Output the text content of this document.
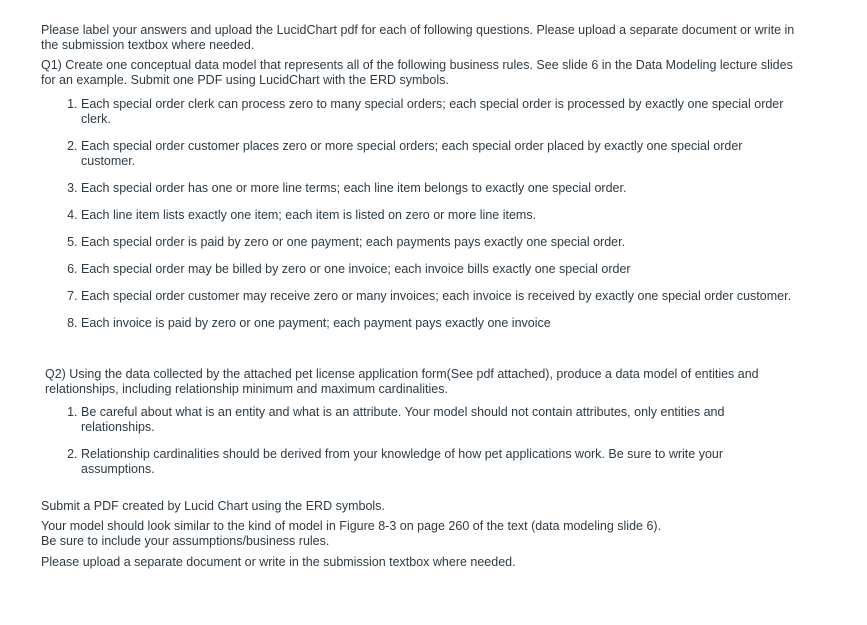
Please label your answers and upload the LucidChart pdf for each of following questions. Please upload a separate document or write in the submission textbox where needed.

Q1) Create one conceptual data model that represents all of the following business rules. See slide 6 in the Data Modeling lecture slides for an example. Submit one PDF using LucidChart with the ERD symbols.

1. Each special order clerk can process zero to many special orders; each special order is processed by exactly one special order clerk.
2. Each special order customer places zero or more special orders; each special order placed by exactly one special order customer.
3. Each special order has one or more line terms; each line item belongs to exactly one special order.
4. Each line item lists exactly one item; each item is listed on zero or more line items.
5. Each special order is paid by zero or one payment; each payments pays exactly one special order.
6. Each special order may be billed by zero or one invoice; each invoice bills exactly one special order
7. Each special order customer may receive zero or many invoices; each invoice is received by exactly one special order customer.
8. Each invoice is paid by zero or one payment; each payment pays exactly one invoice

Q2) Using the data collected by the attached pet license application form(See pdf attached), produce a data model of entities and relationships, including relationship minimum and maximum cardinalities.

1. Be careful about what is an entity and what is an attribute. Your model should not contain attributes, only entities and relationships.
2. Relationship cardinalities should be derived from your knowledge of how pet applications work. Be sure to write your assumptions.

Submit a PDF created by Lucid Chart using the ERD symbols.

Your model should look similar to the kind of model in Figure 8-3 on page 260 of the text (data modeling slide 6).

Be sure to include your assumptions/business rules.

Please upload a separate document or write in the submission textbox where needed.
